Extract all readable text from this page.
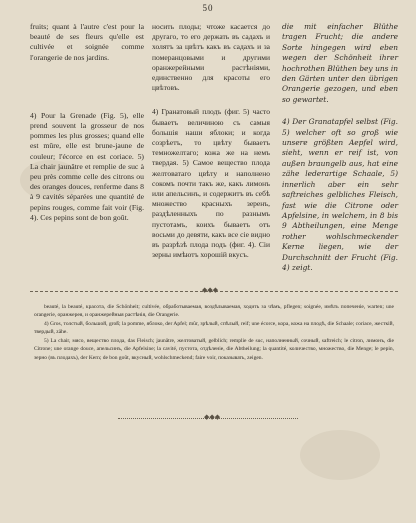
50

fruits; quant à l'autre c'est pour la beauté de ses fleurs qu'elle est cultivée et soignée comme l'orangerie de nos jardins.

4) Pour la Grenade (Fig. 5), elle prend souvent la grosseur de nos pommes les plus grosses; quand elle est mûre, elle est brune-jaune de couleur; l'écorce en est coriace. 5) La chair jaunâtre et remplie de suc à peu près comme celle des citrons ou des oranges douces, renferme dans 8 à 9 cavités séparées une quantité de pepins rouges, comme fait voir (Fig. 4). Ces pepins sont de bon goût.

носить плоды; чтоже касается до другаго, то его держать въ садахъ и холятъ за цвѣтъ какъ въ садахъ и за померанцовыми и другими оранжерейными растѣніями, единственно для красоты его цвѣтовъ.

4) Гранатовый плодъ (фиг. 5) часто бываетъ величиною съ самыя большія наши яблоки; и когда созрѣетъ, то цвѣту бываетъ темножелтаго; кожа же на немъ твердая. 5) Самое вещество плода желтоватаго цвѣту и наполнено сокомъ почти такъ же, какъ лимонъ или апельсинъ, и содержитъ въ себѣ множество красныхъ зеренъ, раздѣленныхъ по разнымъ пустотамъ, коихъ бываетъ отъ восьми до девяти, какъ все сіе видно въ разрѣзѣ плода подъ (фиг. 4). Сіи зерны имѣютъ хорошій вкусъ.

die mit einfacher Blüthe tragen Frucht; die andere Sorte hingegen wird eben wegen der Schönheit ihrer hochrothen Blüthen bey uns in den Gärten unter den übrigen Orangerie gezogen, und eben so gewartet.

4) Der Granatapfel selbst (Fig. 5) welcher oft so groß wie unsere größten Aepfel wird, sieht, wenn er reif ist, von außen braungelb aus, hat eine zähe lederartige Schaale, 5) innerlich aber ein sehr saftreiches gelbliches Fleisch, fast wie die Citrone oder Apfelsine, in welchem, in 8 bis 9 Abtheilungen, eine Menge rother wohlschmeckender Kerne liegen, wie der Durchschnitt der Frucht (Fig. 4) zeigt.

◆◆◆

beauté, la beauté, красота, die Schönheit; cultivée, обработываемая, воздѣлываемая, ходить за чѣмъ, pflegen; soignée, имѣть попеченіе, warten; une orangerie, оранжерея, и оранжерейныя растѣнія, die Orangerie.

4) Gros, толстый, большой, groß; la pomme, яблоко, der Apfel; mûr, зрѣлый, спѣлый, reif; une écorce, кора, кожа на плодѣ, die Schaale; coriace, жесткій, твердый, zähe.

5) La chair, мясо, вещество плода, das Fleisch; jaunâtre, желтоватый, gelblich; remplie de suc, наполненный, сочный, saftreich; le citron, лимонъ, die Citrone; une orange douce, апельсинъ, die Apfelsine; la cavité, пустота, отдѣленіе, die Abtheilung; la quantité, количество, множество, die Menge; le pepin, зерно (въ плодахъ), der Kern; de bon goût, вкусный, wohlschmeckend; faire voir, показывать, zeigen.

◆◆◆
